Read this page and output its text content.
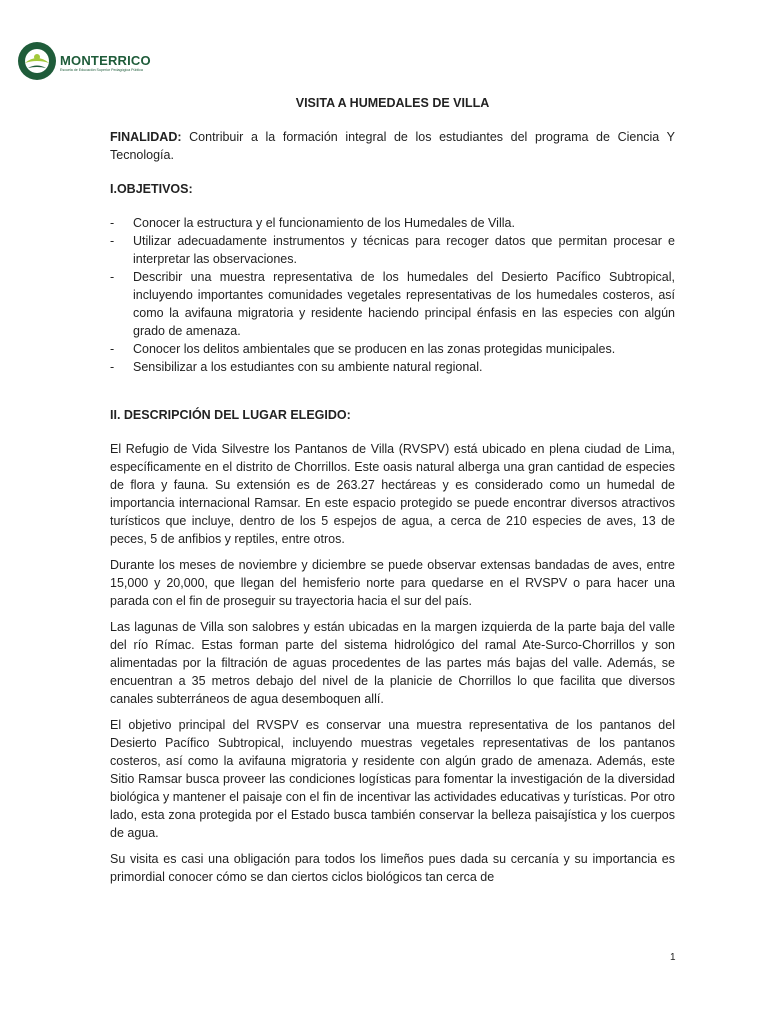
MONTERRICO
Escuela de Educación Superior Pedagógica Pública
VISITA A HUMEDALES DE VILLA

FINALIDAD: Contribuir a la formación integral de los estudiantes del programa de Ciencia Y Tecnología.

I.OBJETIVOS:
- Conocer la estructura y el funcionamiento de los Humedales de Villa.
- Utilizar adecuadamente instrumentos y técnicas para recoger datos que permitan procesar e interpretar las observaciones.
- Describir una muestra representativa de los humedales del Desierto Pacífico Subtropical, incluyendo importantes comunidades vegetales representativas de los humedales costeros, así como la avifauna migratoria y residente haciendo principal énfasis en las especies con algún grado de amenaza.
- Conocer los delitos ambientales que se producen en las zonas protegidas municipales.
- Sensibilizar a los estudiantes con su ambiente natural regional.
II. DESCRIPCIÓN DEL LUGAR ELEGIDO:

El Refugio de Vida Silvestre los Pantanos de Villa (RVSPV) está ubicado en plena ciudad de Lima, específicamente en el distrito de Chorrillos. Este oasis natural alberga una gran cantidad de especies de flora y fauna. Su extensión es de 263.27 hectáreas y es considerado como un humedal de importancia internacional Ramsar. En este espacio protegido se puede encontrar diversos atractivos turísticos que incluye, dentro de los 5 espejos de agua, a cerca de 210 especies de aves, 13 de peces, 5 de anfibios y reptiles, entre otros.

Durante los meses de noviembre y diciembre se puede observar extensas bandadas de aves, entre 15,000 y 20,000, que llegan del hemisferio norte para quedarse en el RVSPV o para hacer una parada con el fin de proseguir su trayectoria hacia el sur del país.

Las lagunas de Villa son salobres y están ubicadas en la margen izquierda de la parte baja del valle del río Rímac. Estas forman parte del sistema hidrológico del ramal Ate-Surco-Chorrillos y son alimentadas por la filtración de aguas procedentes de las partes más bajas del valle. Además, se encuentran a 35 metros debajo del nivel de la planicie de Chorrillos lo que facilita que diversos canales subterráneos de agua desemboquen allí.

El objetivo principal del RVSPV es conservar una muestra representativa de los pantanos del Desierto Pacífico Subtropical, incluyendo muestras vegetales representativas de los pantanos costeros, así como la avifauna migratoria y residente con algún grado de amenaza. Además, este Sitio Ramsar busca proveer las condiciones logísticas para fomentar la investigación de la diversidad biológica y mantener el paisaje con el fin de incentivar las actividades educativas y turísticas. Por otro lado, esta zona protegida por el Estado busca también conservar la belleza paisajística y los cuerpos de agua.

Su visita es casi una obligación para todos los limeños pues dada su cercanía y su importancia es primordial conocer cómo se dan ciertos ciclos biológicos tan cerca de

1
